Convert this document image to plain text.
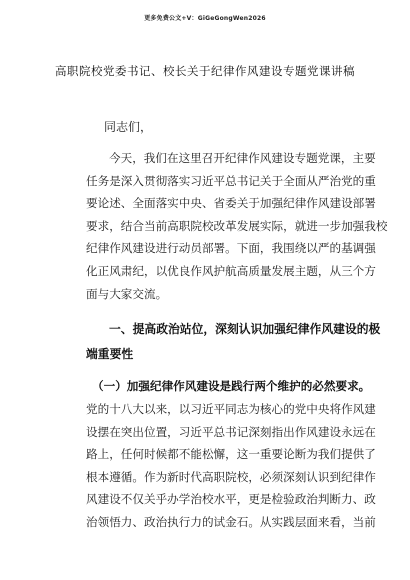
更多免费公文+V：GiGeGongWen2026
高职院校党委书记、校长关于纪律作风建设专题党课讲稿
同志们，
今天，我们在这里召开纪律作风建设专题党课，主要
任务是深入贯彻落实习近平总书记关于全面从严治党的重
要论述、全面落实中央、省委关于加强纪律作风建设部署
要求，结合当前高职院校改革发展实际，就进一步加强我校
纪律作风建设进行动员部署。下面，我围绕以严的基调强
化正风肃纪，以优良作风护航高质量发展主题，从三个方
面与大家交流。
一、提高政治站位，深刻认识加强纪律作风建设的极
端重要性
（一）加强纪律作风建设是践行两个维护的必然要求。
党的十八大以来，以习近平同志为核心的党中央将作风建
设摆在突出位置，习近平总书记深刻指出作风建设永远在
路上，任何时候都不能松懈，这一重要论断为我们提供了
根本遵循。作为新时代高职院校，必须深刻认识到纪律作
风建设不仅关乎办学治校水平，更是检验政治判断力、政
治领悟力、政治执行力的试金石。从实践层面来看，当前
